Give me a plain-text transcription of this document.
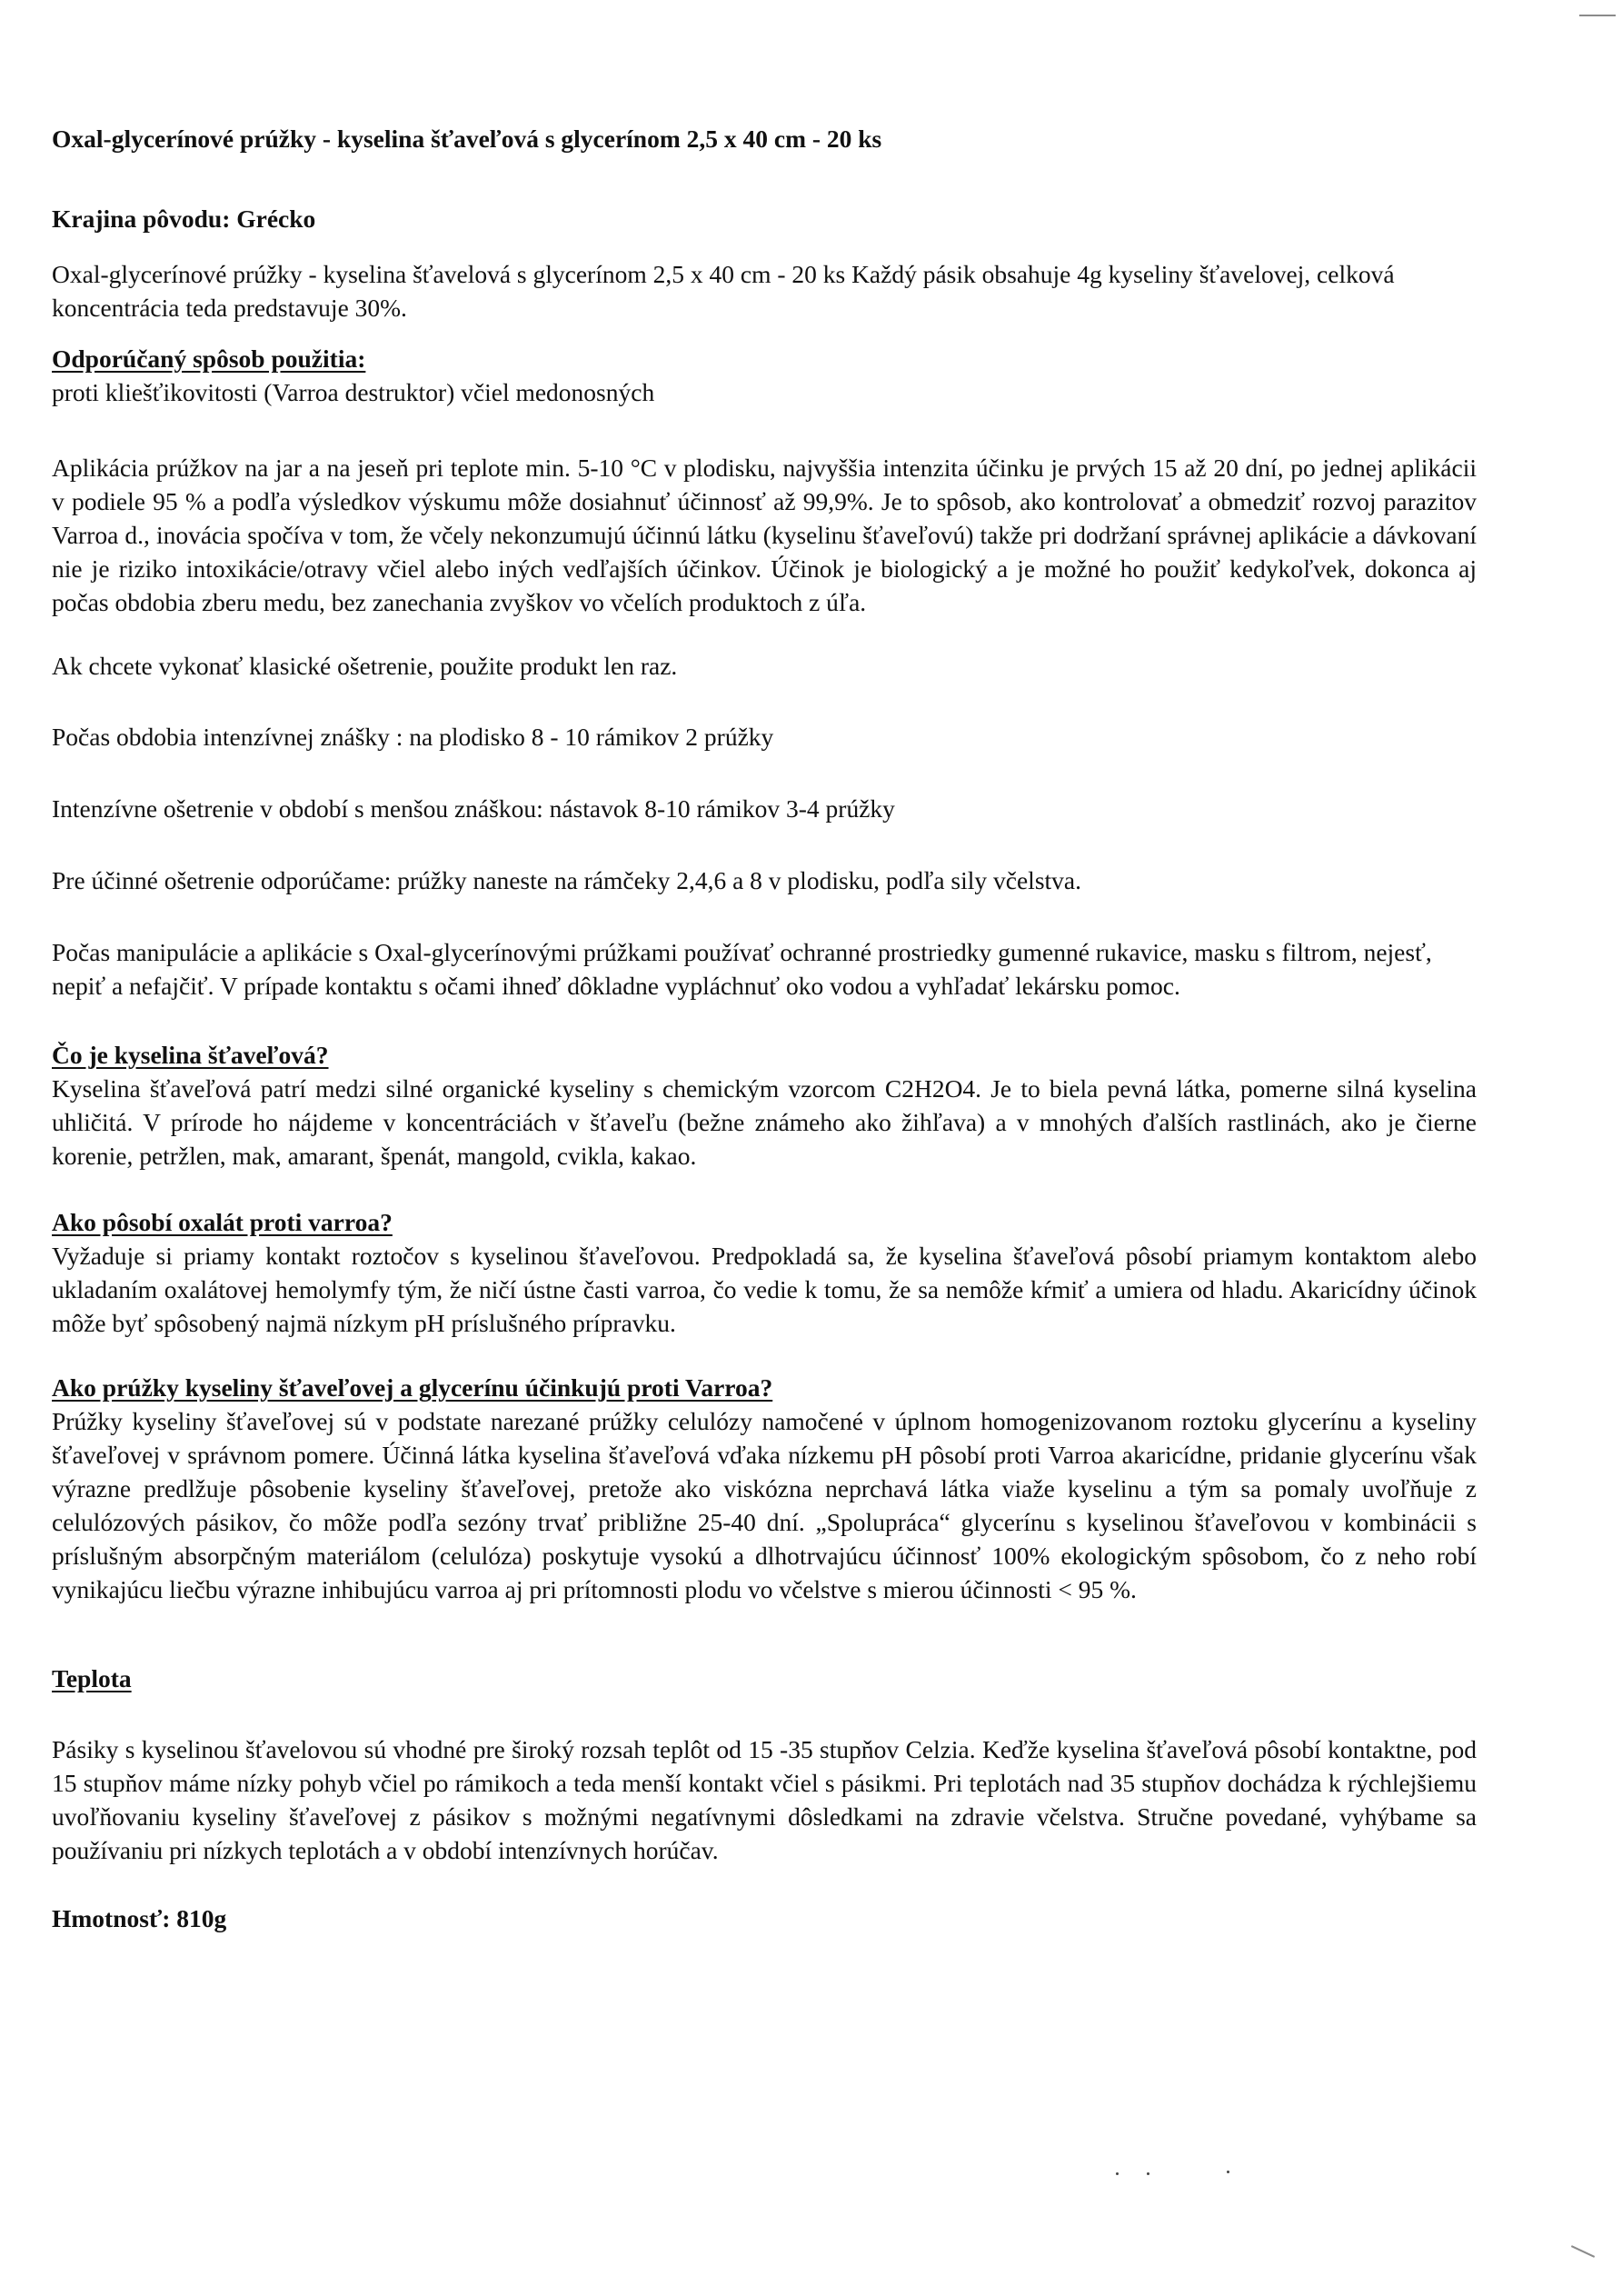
Oxal-glycerínové prúžky - kyselina šťaveľová s glycerínom 2,5 x 40 cm - 20 ks

Krajina pôvodu: Grécko

Oxal-glycerínové prúžky - kyselina šťavelová s glycerínom 2,5 x 40 cm - 20 ks Každý pásik obsahuje 4g kyseliny šťavelovej, celková koncentrácia teda predstavuje 30%.

Odporúčaný spôsob použitia:
proti kliešťikovitosti (Varroa destruktor) včiel medonosných

Aplikácia prúžkov na jar a na jeseň pri teplote min. 5-10 °C v plodisku, najvyššia intenzita účinku je prvých 15 až 20 dní, po jednej aplikácii v podiele 95 % a podľa výsledkov výskumu môže dosiahnuť účinnosť až 99,9%. Je to spôsob, ako kontrolovať a obmedziť rozvoj parazitov Varroa d., inovácia spočíva v tom, že včely nekonzumujú účinnú látku (kyselinu šťaveľovú) takže pri dodržaní správnej aplikácie a dávkovaní nie je riziko intoxikácie/otravy včiel alebo iných vedľajších účinkov. Účinok je biologický a je možné ho použiť kedykoľvek, dokonca aj počas obdobia zberu medu, bez zanechania zvyškov vo včelích produktoch z úľa.

Ak chcete vykonať klasické ošetrenie, použite produkt len raz.

Počas obdobia intenzívnej znášky : na plodisko 8 - 10 rámikov 2 prúžky

Intenzívne ošetrenie v období s menšou znáškou: nástavok 8-10 rámikov 3-4 prúžky

Pre účinné ošetrenie odporúčame: prúžky naneste na rámčeky 2,4,6 a 8 v plodisku, podľa sily včelstva.

Počas manipulácie a aplikácie s Oxal-glycerínovými prúžkami používať ochranné prostriedky gumenné rukavice, masku s filtrom, nejesť, nepiť a nefajčiť. V prípade kontaktu s očami ihneď dôkladne vypláchnuť oko vodou a vyhľadať lekársku pomoc.

Čo je kyselina šťaveľová?
Kyselina šťaveľová patrí medzi silné organické kyseliny s chemickým vzorcom C2H2O4. Je to biela pevná látka, pomerne silná kyselina uhličitá. V prírode ho nájdeme v koncentráciách v šťaveľu (bežne známeho ako žihľava) a v mnohých ďalších rastlinách, ako je čierne korenie, petržlen, mak, amarant, špenát, mangold, cvikla, kakao.
Ako pôsobí oxalát proti varroa?
Vyžaduje si priamy kontakt roztočov s kyselinou šťaveľovou. Predpokladá sa, že kyselina šťaveľová pôsobí priamym kontaktom alebo ukladaním oxalátovej hemolymfy tým, že ničí ústne časti varroa, čo vedie k tomu, že sa nemôže kŕmiť a umiera od hladu. Akaricídny účinok môže byť spôsobený najmä nízkym pH príslušného prípravku.
Ako prúžky kyseliny šťaveľovej a glycerínu účinkujú proti Varroa?
Prúžky kyseliny šťaveľovej sú v podstate narezané prúžky celulózy namočené v úplnom homogenizovanom roztoku glycerínu a kyseliny šťaveľovej v správnom pomere. Účinná látka kyselina šťaveľová vďaka nízkemu pH pôsobí proti Varroa akaricídne, pridanie glycerínu však výrazne predlžuje pôsobenie kyseliny šťaveľovej, pretože ako viskózna neprchavá látka viaže kyselinu a tým sa pomaly uvoľňuje z celulózových pásikov, čo môže podľa sezóny trvať približne 25-40 dní. „Spolupráca“ glycerínu s kyselinou šťaveľovou v kombinácii s príslušným absorpčným materiálom (celulóza) poskytuje vysokú a dlhotrvajúcu účinnosť 100% ekologickým spôsobom, čo z neho robí vynikajúcu liečbu výrazne inhibujúcu varroa aj pri prítomnosti plodu vo včelstve s mierou účinnosti < 95 %.
Teplota

Pásiky s kyselinou šťavelovou sú vhodné pre široký rozsah teplôt od 15 -35 stupňov Celzia. Keďže kyselina šťaveľová pôsobí kontaktne, pod 15 stupňov máme nízky pohyb včiel po rámikoch a teda menší kontakt včiel s pásikmi. Pri teplotách nad 35 stupňov dochádza k rýchlejšiemu uvoľňovaniu kyseliny šťaveľovej z pásikov s možnými negatívnymi dôsledkami na zdravie včelstva. Stručne povedané, vyhýbame sa používaniu pri nízkych teplotách a v období intenzívnych horúčav.

Hmotnosť: 810g
